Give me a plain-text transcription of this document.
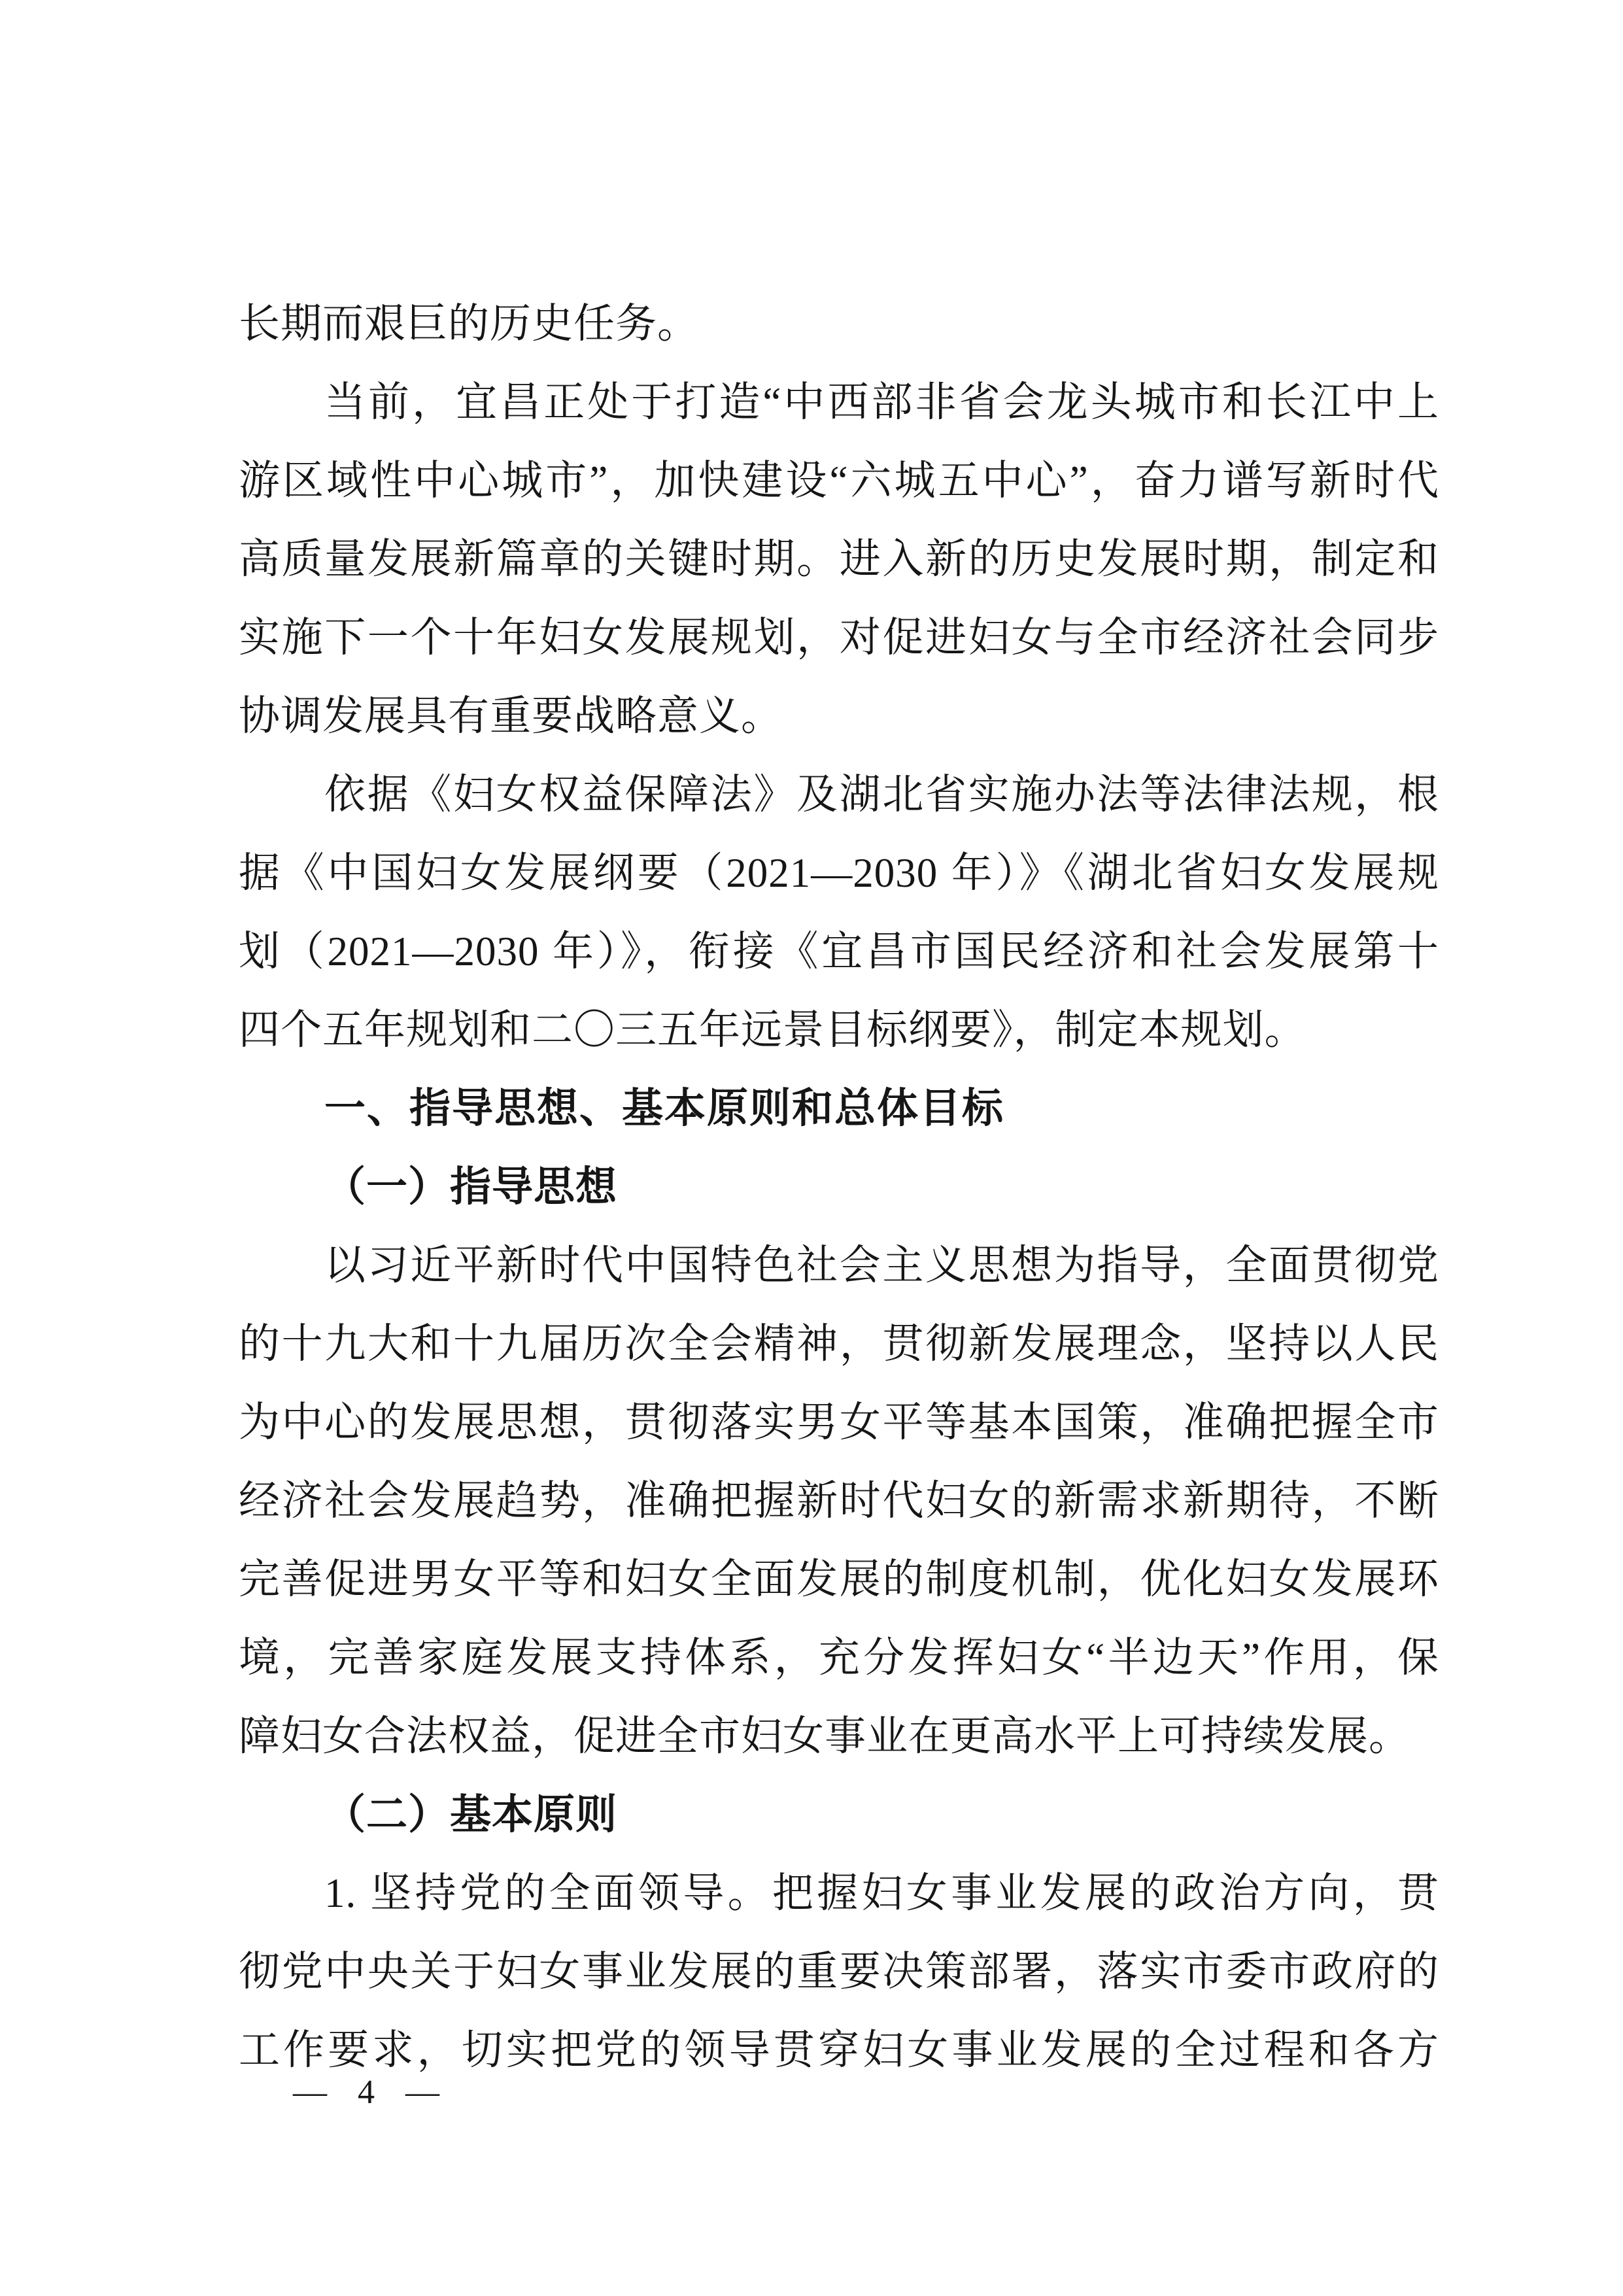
长期而艰巨的历史任务。
当前，宜昌正处于打造“中西部非省会龙头城市和长江中上
游区域性中心城市”，加快建设“六城五中心”，奋力谱写新时代
高质量发展新篇章的关键时期。进入新的历史发展时期，制定和
实施下一个十年妇女发展规划，对促进妇女与全市经济社会同步
协调发展具有重要战略意义。
依据《妇女权益保障法》及湖北省实施办法等法律法规，根
据《中国妇女发展纲要（2021—2030 年）》《湖北省妇女发展规
划（2021—2030 年）》，衔接《宜昌市国民经济和社会发展第十
四个五年规划和二〇三五年远景目标纲要》，制定本规划。
一、指导思想、基本原则和总体目标
（一）指导思想
以习近平新时代中国特色社会主义思想为指导，全面贯彻党
的十九大和十九届历次全会精神，贯彻新发展理念，坚持以人民
为中心的发展思想，贯彻落实男女平等基本国策，准确把握全市
经济社会发展趋势，准确把握新时代妇女的新需求新期待，不断
完善促进男女平等和妇女全面发展的制度机制，优化妇女发展环
境，完善家庭发展支持体系，充分发挥妇女“半边天”作用，保
障妇女合法权益，促进全市妇女事业在更高水平上可持续发展。
（二）基本原则
1. 坚持党的全面领导。把握妇女事业发展的政治方向，贯
彻党中央关于妇女事业发展的重要决策部署，落实市委市政府的
工作要求，切实把党的领导贯穿妇女事业发展的全过程和各方
— 4 —
